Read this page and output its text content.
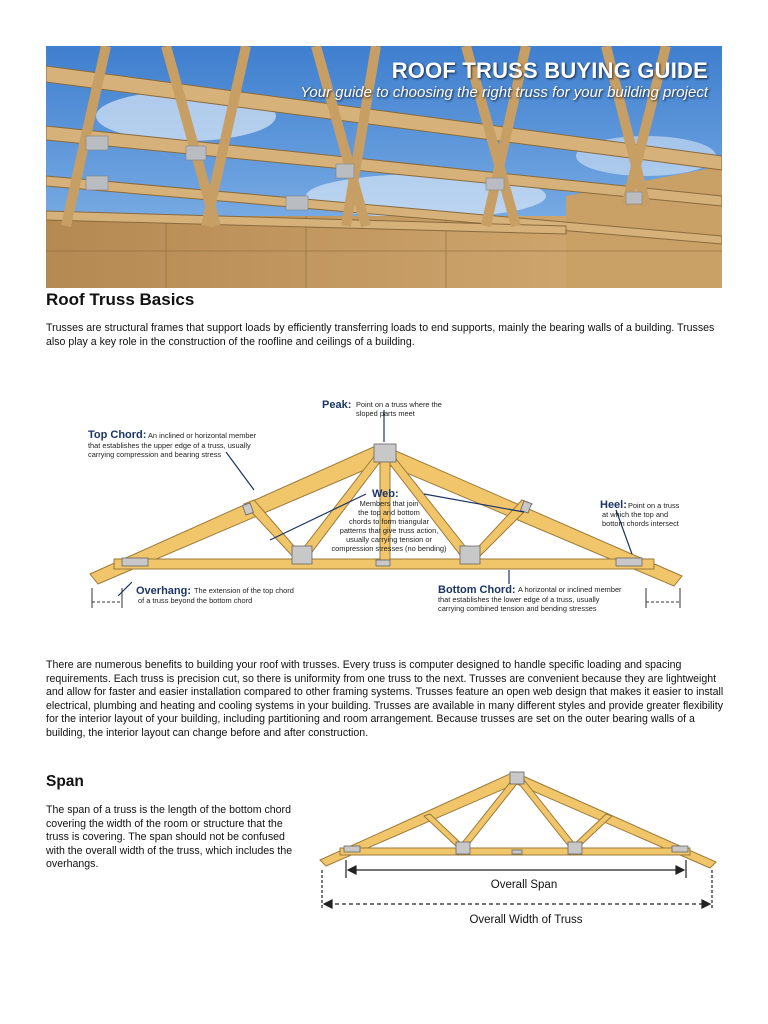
ROOF TRUSS BUYING GUIDE
Your guide to choosing the right truss for your building project
Roof Truss Basics

Trusses are structural frames that support loads by efficiently transferring loads to end supports, mainly the bearing walls of a building. Trusses also play a key role in the construction of the roofline and ceilings of a building.

Peak: Point on a truss where the
sloped parts meet
Top Chord: An inclined or horizontal member
that establishes the upper edge of a truss, usually
carrying compression and bearing stress
Web:
Members that join
the top and bottom
chords to form triangular
patterns that give truss action,
usually carrying tension or
compression stresses (no bending)
Heel: Point on a truss
at which the top and
bottom chords intersect
Overhang: The extension of the top chord
of a truss beyond the bottom chord
Bottom Chord: A horizontal or inclined member
that establishes the lower edge of a truss, usually
carrying combined tension and bending stresses

There are numerous benefits to building your roof with trusses. Every truss is computer designed to handle specific loading and spacing requirements. Each truss is precision cut, so there is uniformity from one truss to the next. Trusses are convenient because they are lightweight and allow for faster and easier installation compared to other framing systems. Trusses feature an open web design that makes it easier to install electrical, plumbing and heating and cooling systems in your building. Trusses are available in many different styles and provide greater flexibility for the interior layout of your building, including partitioning and room arrangement. Because trusses are set on the outer bearing walls of a building, the interior layout can change before and after construction.

Span

The span of a truss is the length of the bottom chord covering the width of the room or structure that the truss is covering. The span should not be confused with the overall width of the truss, which includes the overhangs.

Overall Span
Overall Width of Truss
